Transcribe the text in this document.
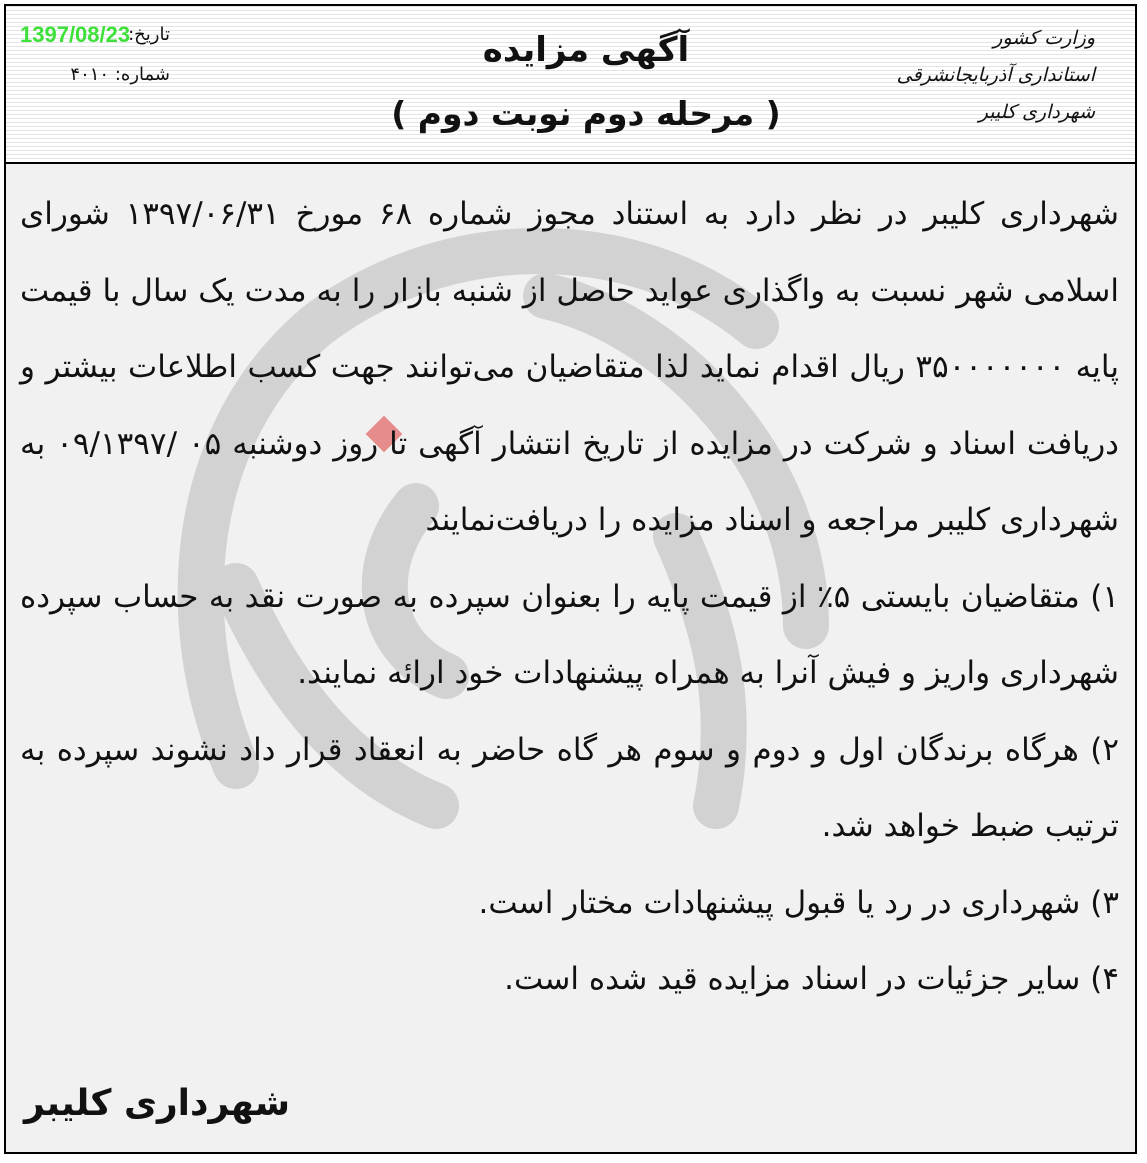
وزارت کشور
استانداری آذربایجانشرقی
شهرداری کلیبر
آگهی مزایده
( مرحله دوم نوبت دوم )
تاریخ:
1397/08/23
شماره: ۴۰۱۰

شهرداری کلیبر در نظر دارد به استناد مجوز شماره ۶۸ مورخ ۱۳۹۷/۰۶/۳۱ شورای اسلامی شهر نسبت به واگذاری عواید حاصل از شنبه بازار را به مدت یک سال با قیمت پایه ۳۵۰۰۰۰۰۰۰ ریال اقدام نماید لذا متقاضیان می‌توانند جهت کسب اطلاعات بیشتر و دریافت اسناد و شرکت در مزایده از تاریخ انتشار آگهی تا روز دوشنبه ۰۵ /۰۹/۱۳۹۷ به شهرداری کلیبر مراجعه و اسناد مزایده را دریافت‌نمایند

۱) متقاضیان بایستی ۵٪ از قیمت پایه را بعنوان سپرده به صورت نقد به حساب سپرده شهرداری واریز و فیش آنرا به همراه پیشنهادات خود ارائه نمایند.

۲) هرگاه برندگان اول و دوم و سوم هر گاه حاضر به انعقاد قرار داد نشوند سپرده به ترتیب ضبط خواهد شد.

۳) شهرداری در رد یا قبول پیشنهادات مختار است.

۴) سایر جزئیات در اسناد مزایده قید شده است.

شهرداری کلیبر
